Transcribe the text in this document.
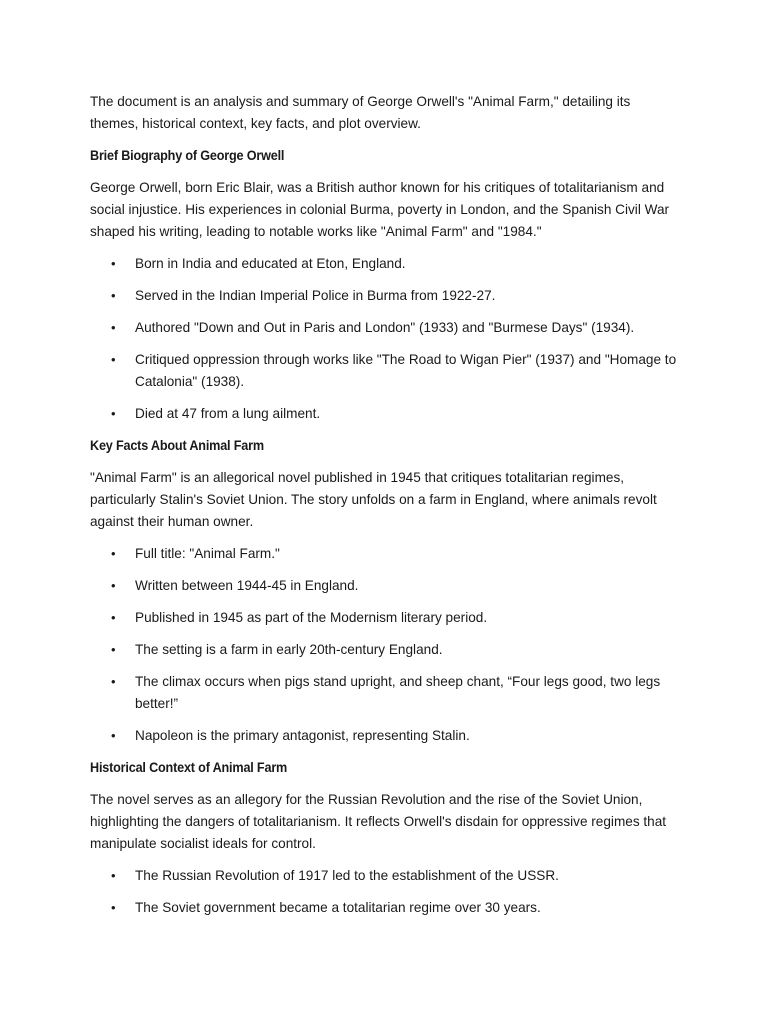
The document is an analysis and summary of George Orwell's "Animal Farm," detailing its themes, historical context, key facts, and plot overview.

Brief Biography of George Orwell

George Orwell, born Eric Blair, was a British author known for his critiques of totalitarianism and social injustice. His experiences in colonial Burma, poverty in London, and the Spanish Civil War shaped his writing, leading to notable works like "Animal Farm" and "1984."

• Born in India and educated at Eton, England.
• Served in the Indian Imperial Police in Burma from 1922-27.
• Authored "Down and Out in Paris and London" (1933) and "Burmese Days" (1934).
• Critiqued oppression through works like "The Road to Wigan Pier" (1937) and "Homage to Catalonia" (1938).
• Died at 47 from a lung ailment.
Key Facts About Animal Farm

"Animal Farm" is an allegorical novel published in 1945 that critiques totalitarian regimes, particularly Stalin's Soviet Union. The story unfolds on a farm in England, where animals revolt against their human owner.

• Full title: "Animal Farm."
• Written between 1944-45 in England.
• Published in 1945 as part of the Modernism literary period.
• The setting is a farm in early 20th-century England.
• The climax occurs when pigs stand upright, and sheep chant, “Four legs good, two legs better!”
• Napoleon is the primary antagonist, representing Stalin.
Historical Context of Animal Farm

The novel serves as an allegory for the Russian Revolution and the rise of the Soviet Union, highlighting the dangers of totalitarianism. It reflects Orwell's disdain for oppressive regimes that manipulate socialist ideals for control.

• The Russian Revolution of 1917 led to the establishment of the USSR.
• The Soviet government became a totalitarian regime over 30 years.
